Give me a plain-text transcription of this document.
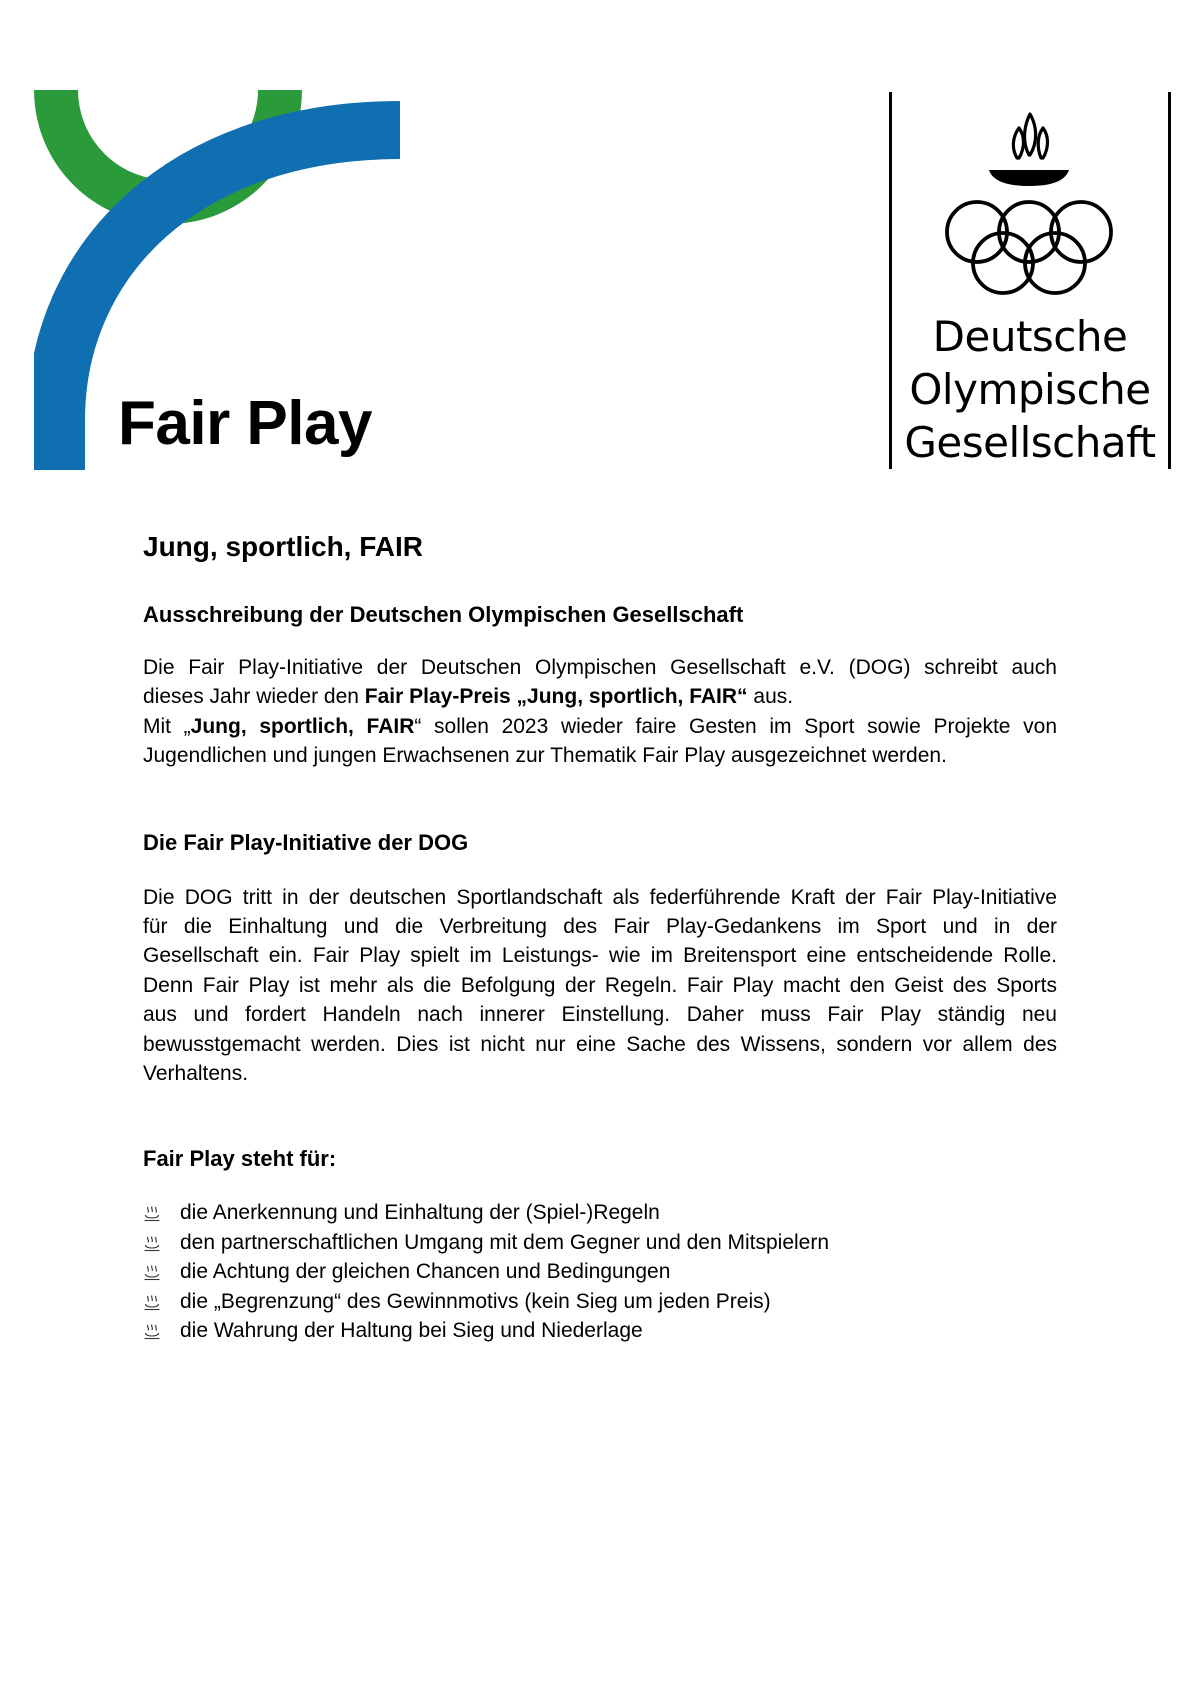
Fair Play
Deutsche
Olympische
Gesellschaft
Jung, sportlich, FAIR
Ausschreibung der Deutschen Olympischen Gesellschaft

Die Fair Play-Initiative der Deutschen Olympischen Gesellschaft e.V. (DOG) schreibt auch
dieses Jahr wieder den Fair Play-Preis „Jung, sportlich, FAIR“ aus.
Mit „Jung, sportlich, FAIR“ sollen 2023 wieder faire Gesten im Sport sowie Projekte von
Jugendlichen und jungen Erwachsenen zur Thematik Fair Play ausgezeichnet werden.

Die Fair Play-Initiative der DOG

Die DOG tritt in der deutschen Sportlandschaft als federführende Kraft der Fair Play-Initiative
für die Einhaltung und die Verbreitung des Fair Play-Gedankens im Sport und in der
Gesellschaft ein. Fair Play spielt im Leistungs- wie im Breitensport eine entscheidende Rolle.
Denn Fair Play ist mehr als die Befolgung der Regeln. Fair Play macht den Geist des Sports
aus und fordert Handeln nach innerer Einstellung. Daher muss Fair Play ständig neu
bewusstgemacht werden. Dies ist nicht nur eine Sache des Wissens, sondern vor allem des
Verhaltens.

Fair Play steht für:
die Anerkennung und Einhaltung der (Spiel-)Regeln
den partnerschaftlichen Umgang mit dem Gegner und den Mitspielern
die Achtung der gleichen Chancen und Bedingungen
die „Begrenzung“ des Gewinnmotivs (kein Sieg um jeden Preis)
die Wahrung der Haltung bei Sieg und Niederlage
